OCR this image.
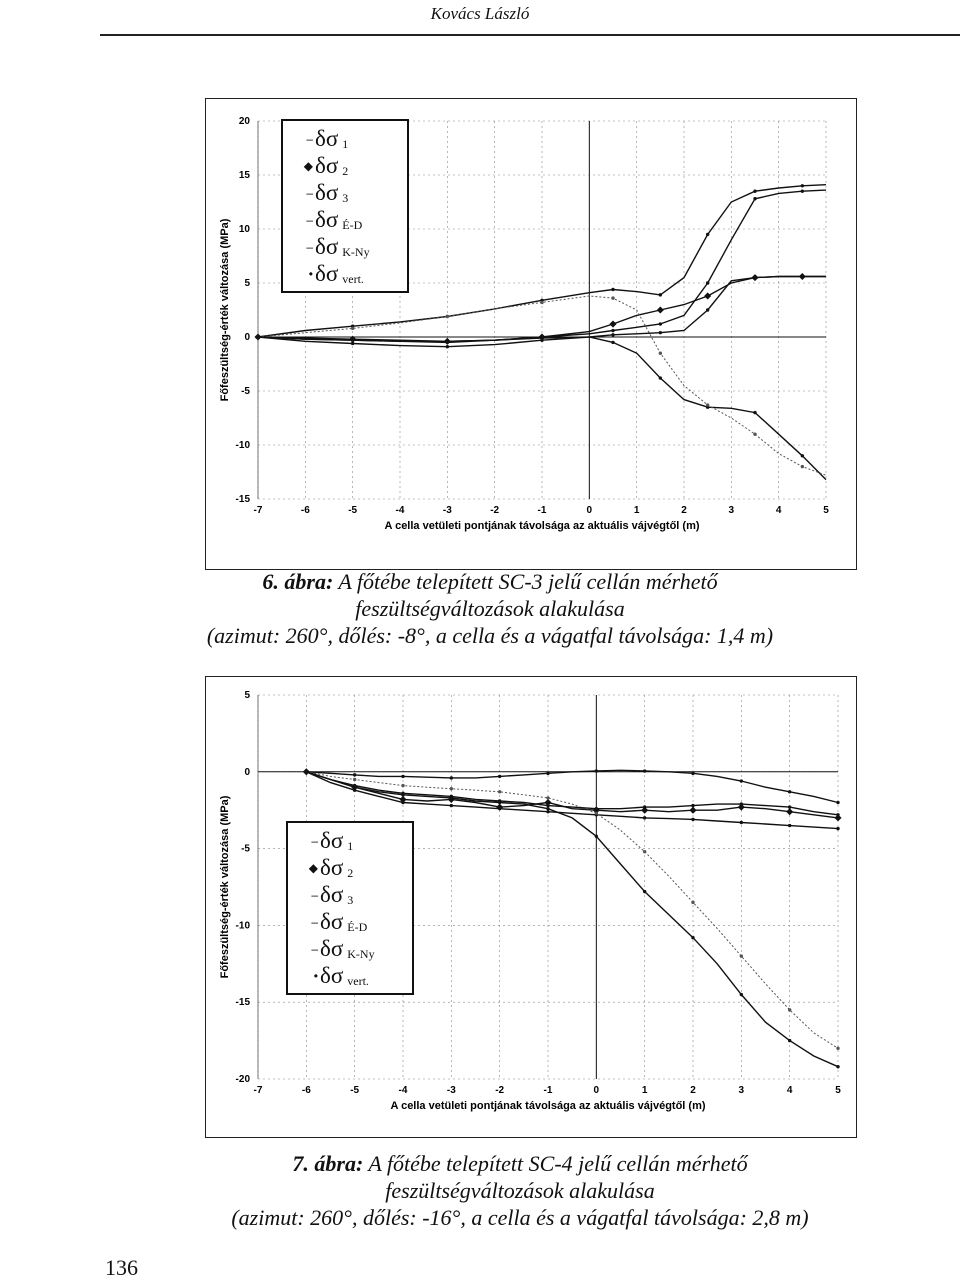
Kovács László
-15
-10
-5
0
5
10
15
20
-7	-6	-5	-4	-3	-2	-1	0	1	2	3	4	5
A cella vetületi pontjának távolsága az aktuális vájvégtől (m)
Főfeszültség-érték változása (MPa)
– δσ 1
◆ δσ 2
– δσ 3
– δσ É-D
– δσ K-Ny
• δσ vert.
6. ábra: A főtébe telepített SC-3 jelű cellán mérhető
feszültségváltozások alakulása
(azimut: 260°, dőlés: -8°, a cella és a vágatfal távolsága: 1,4 m)
-20
-15
-10
-5
0
5
-7	-6	-5	-4	-3	-2	-1	0	1	2	3	4	5
A cella vetületi pontjának távolsága az aktuális vájvégtől (m)
Főfeszültség-érték változása (MPa)	– δσ 1
◆ δσ 2
– δσ 3
– δσ É-D
– δσ K-Ny
• δσ vert.
7. ábra: A főtébe telepített SC-4 jelű cellán mérhető
feszültségváltozások alakulása
(azimut: 260°, dőlés: -16°, a cella és a vágatfal távolsága: 2,8 m)
136
